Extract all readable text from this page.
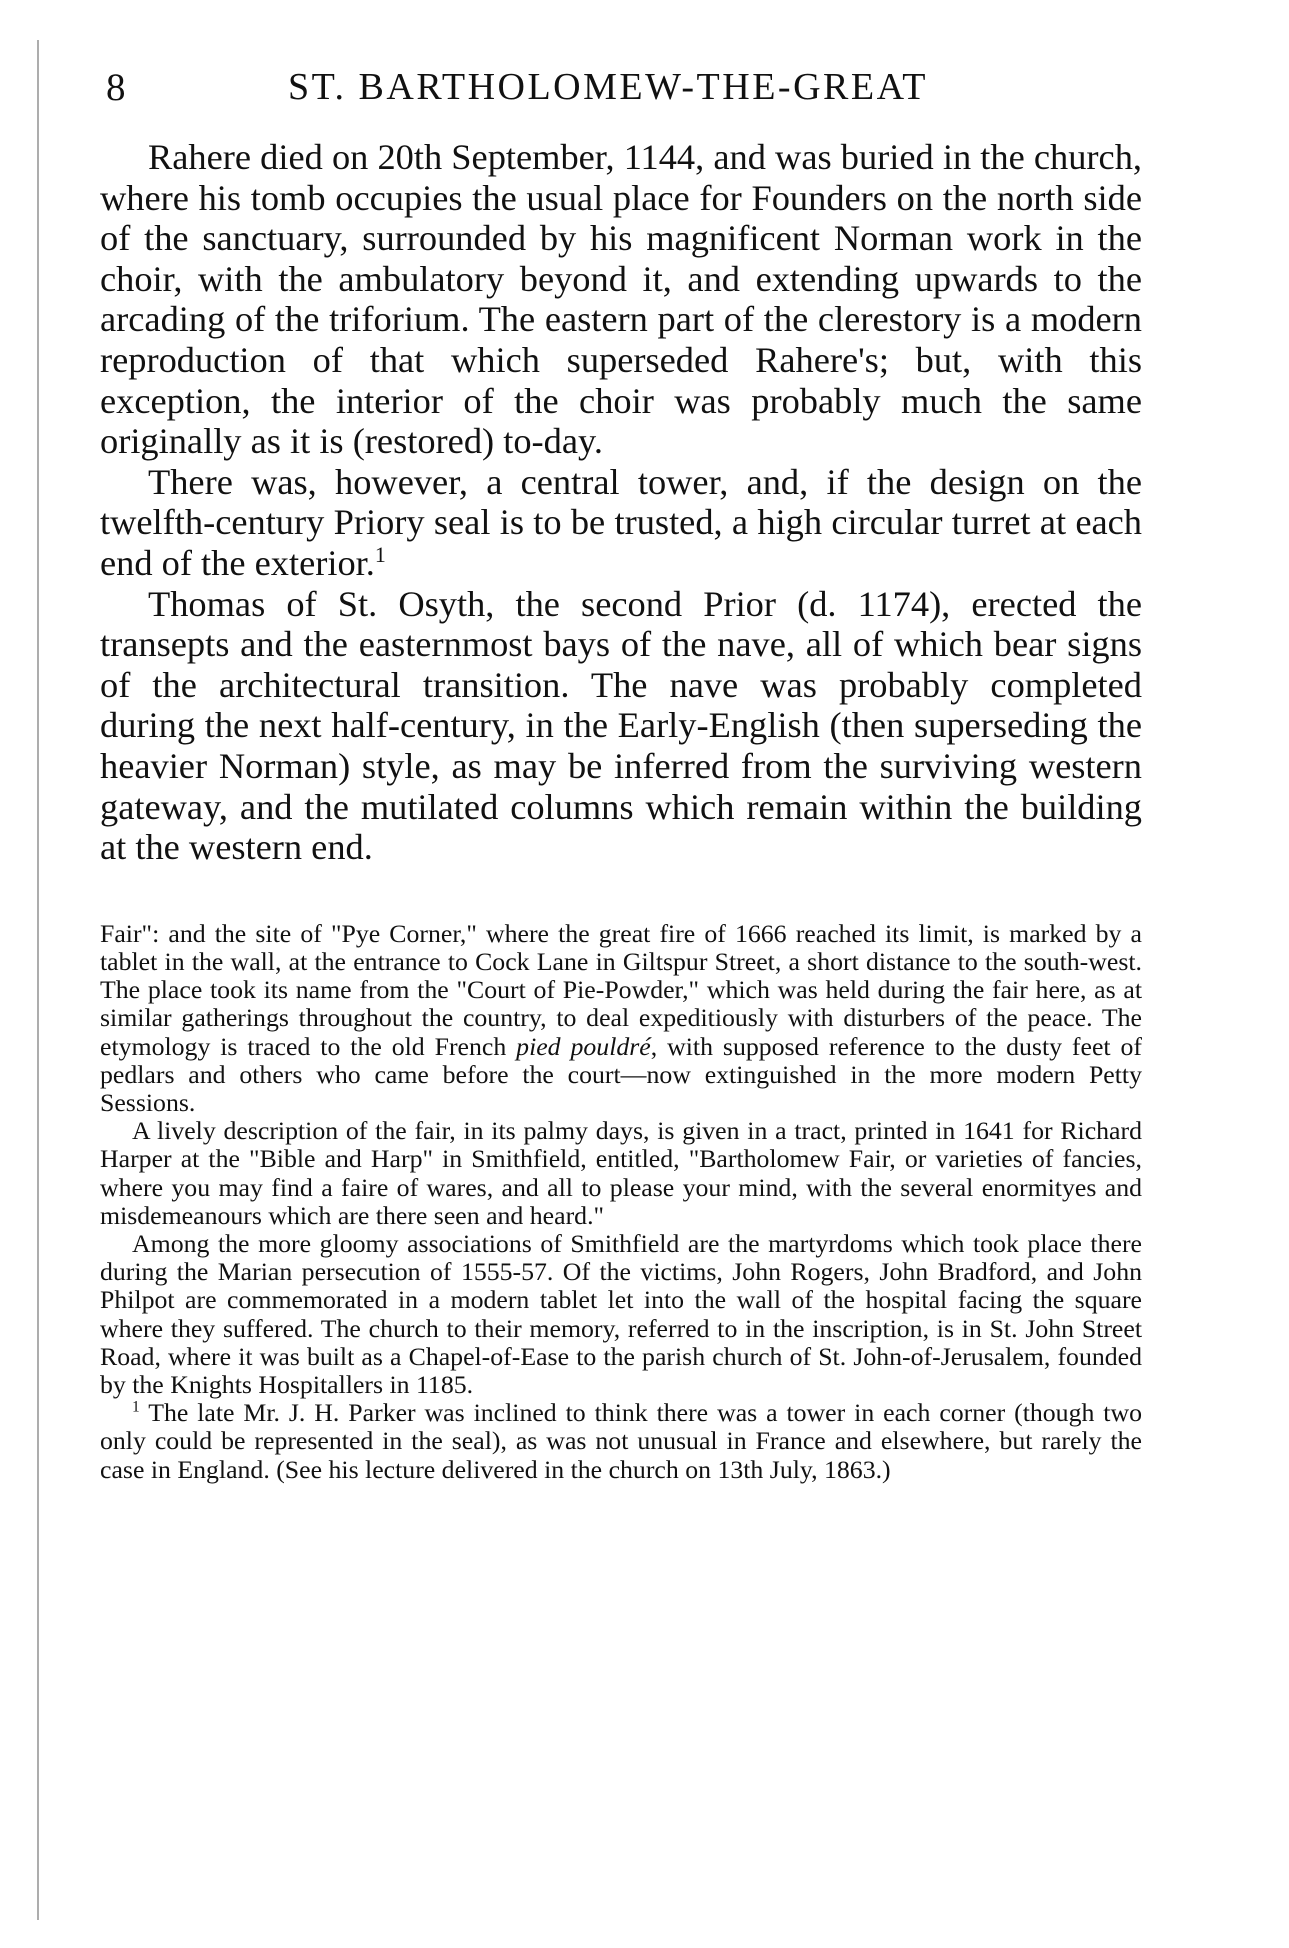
8	ST. BARTHOLOMEW-THE-GREAT

Rahere died on 20th September, 1144, and was buried in the church, where his tomb occupies the usual place for Founders on the north side of the sanctuary, surrounded by his magnificent Norman work in the choir, with the ambulatory beyond it, and extending upwards to the arcading of the triforium. The eastern part of the clerestory is a modern reproduction of that which superseded Rahere's; but, with this exception, the interior of the choir was probably much the same originally as it is (restored) to-day.

There was, however, a central tower, and, if the design on the twelfth-century Priory seal is to be trusted, a high circular turret at each end of the exterior.$^1$

Thomas of St. Osyth, the second Prior (d. 1174), erected the transepts and the easternmost bays of the nave, all of which bear signs of the architectural transition. The nave was probably completed during the next half-century, in the Early-English (then superseding the heavier Norman) style, as may be inferred from the surviving western gateway, and the mutilated columns which remain within the building at the western end.

Fair": and the site of "Pye Corner," where the great fire of 1666 reached its limit, is marked by a tablet in the wall, at the entrance to Cock Lane in Giltspur Street, a short distance to the south-west. The place took its name from the "Court of Pie-Powder," which was held during the fair here, as at similar gatherings throughout the country, to deal expeditiously with disturbers of the peace. The etymology is traced to the old French pied pouldré, with supposed reference to the dusty feet of pedlars and others who came before the court—now extinguished in the more modern Petty Sessions.

A lively description of the fair, in its palmy days, is given in a tract, printed in 1641 for Richard Harper at the "Bible and Harp" in Smithfield, entitled, "Bartholomew Fair, or varieties of fancies, where you may find a faire of wares, and all to please your mind, with the several enormityes and misdemeanours which are there seen and heard."

Among the more gloomy associations of Smithfield are the martyrdoms which took place there during the Marian persecution of 1555-57. Of the victims, John Rogers, John Bradford, and John Philpot are commemorated in a modern tablet let into the wall of the hospital facing the square where they suffered. The church to their memory, referred to in the inscription, is in St. John Street Road, where it was built as a Chapel-of-Ease to the parish church of St. John-of-Jerusalem, founded by the Knights Hospitallers in 1185.

$^1$ The late Mr. J. H. Parker was inclined to think there was a tower in each corner (though two only could be represented in the seal), as was not unusual in France and elsewhere, but rarely the case in England. (See his lecture delivered in the church on 13th July, 1863.)
